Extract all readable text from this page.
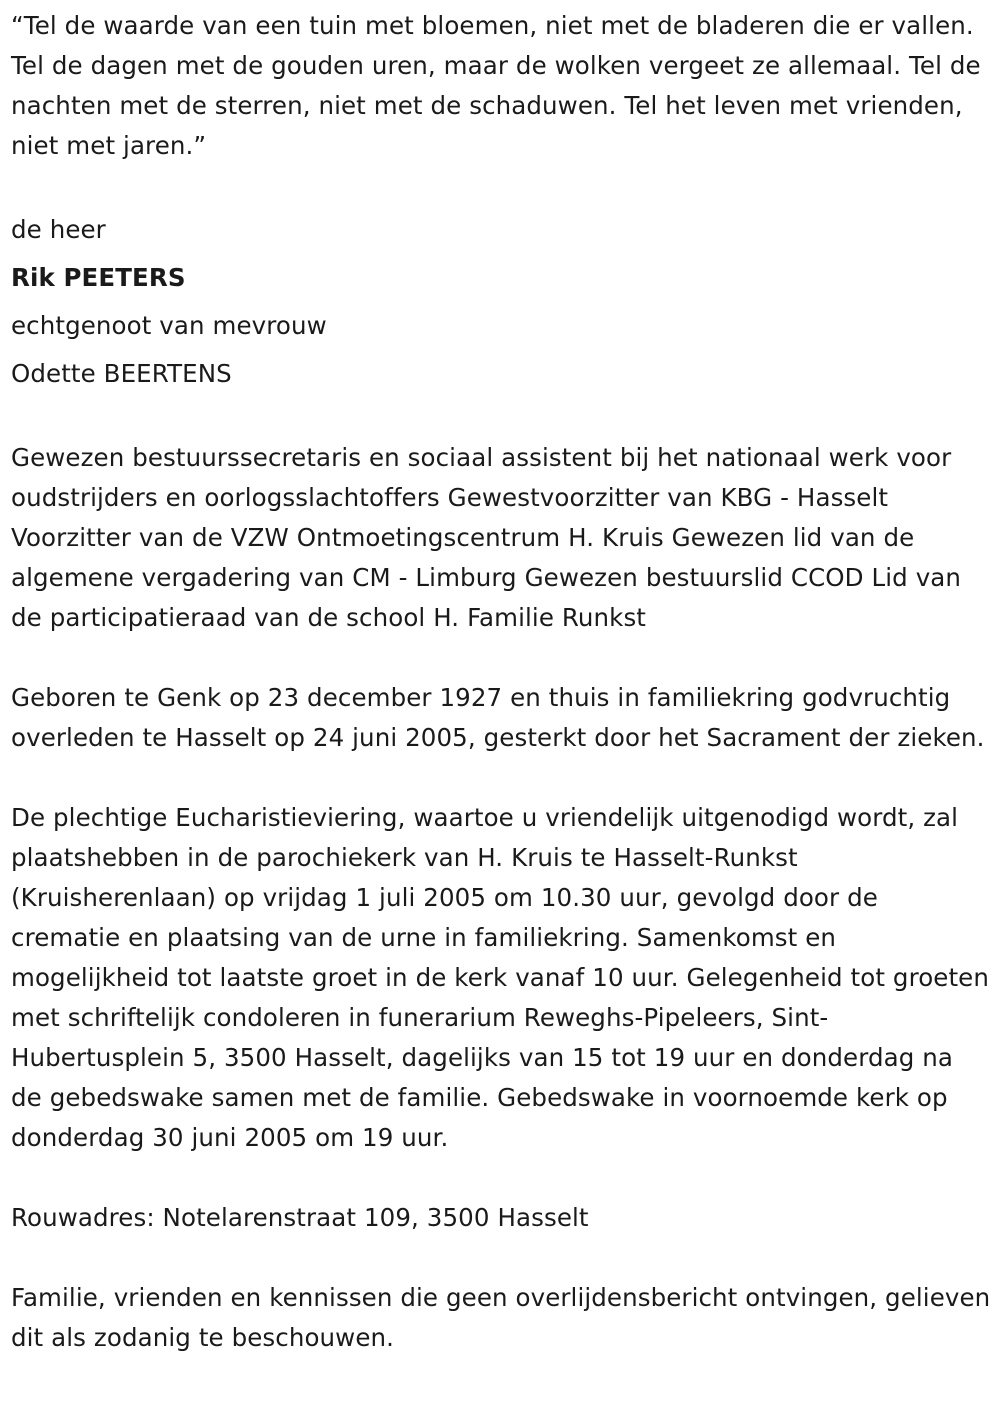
“Tel de waarde van een tuin met bloemen, niet met de bladeren die er vallen. Tel de dagen met de gouden uren, maar de wolken vergeet ze allemaal. Tel de nachten met de sterren, niet met de schaduwen. Tel het leven met vrienden, niet met jaren.”

de heer
Rik PEETERS
echtgenoot van mevrouw
Odette BEERTENS

Gewezen bestuurssecretaris en sociaal assistent bij het nationaal werk voor oudstrijders en oorlogsslachtoffers Gewestvoorzitter van KBG - Hasselt Voorzitter van de VZW Ontmoetingscentrum H. Kruis Gewezen lid van de algemene vergadering van CM - Limburg Gewezen bestuurslid CCOD Lid van de participatieraad van de school H. Familie Runkst

Geboren te Genk op 23 december 1927 en thuis in familiekring godvruchtig overleden te Hasselt op 24 juni 2005, gesterkt door het Sacrament der zieken.

De plechtige Eucharistieviering, waartoe u vriendelijk uitgenodigd wordt, zal plaatshebben in de parochiekerk van H. Kruis te Hasselt-Runkst (Kruisherenlaan) op vrijdag 1 juli 2005 om 10.30 uur, gevolgd door de crematie en plaatsing van de urne in familiekring. Samenkomst en mogelijkheid tot laatste groet in de kerk vanaf 10 uur. Gelegenheid tot groeten met schriftelijk condoleren in funerarium Reweghs-Pipeleers, Sint-Hubertusplein 5, 3500 Hasselt, dagelijks van 15 tot 19 uur en donderdag na de gebedswake samen met de familie. Gebedswake in voornoemde kerk op donderdag 30 juni 2005 om 19 uur.

Rouwadres: Notelarenstraat 109, 3500 Hasselt

Familie, vrienden en kennissen die geen overlijdensbericht ontvingen, gelieven dit als zodanig te beschouwen.
